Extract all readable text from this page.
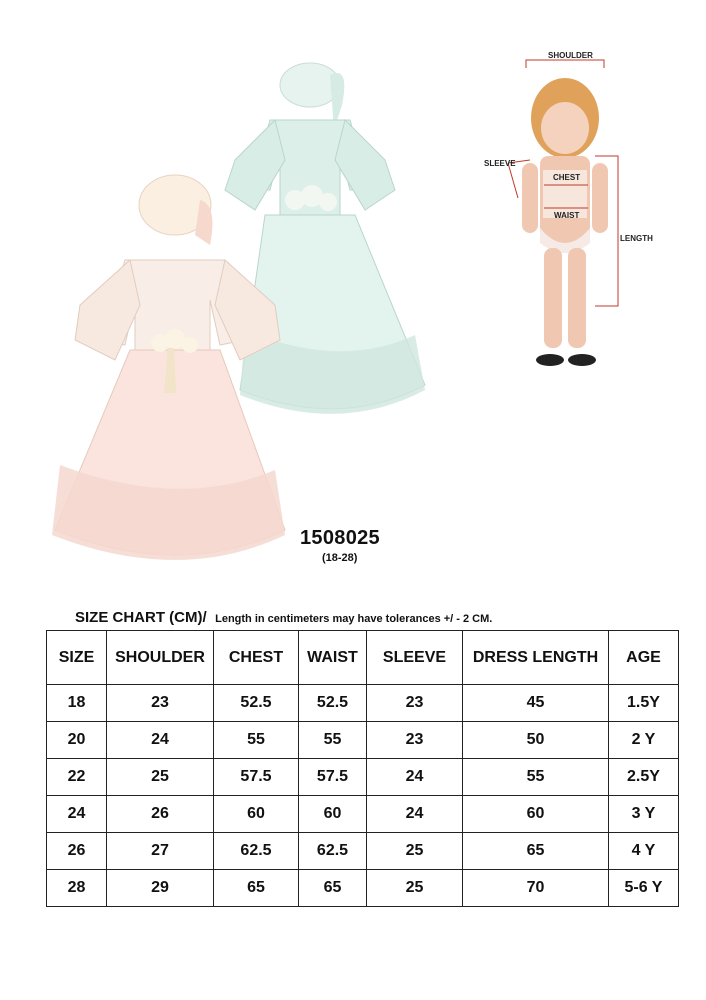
SHOULDER
SLEEVE
CHEST
WAIST
LENGTH
1508025
(18-28)
SIZE CHART (CM)/ Length in centimeters may have tolerances +/ - 2 CM.
SIZE	SHOULDER	CHEST	WAIST	SLEEVE	DRESS LENGTH	AGE
18	23	52.5	52.5	23	45	1.5Y
20	24	55	55	23	50	2 Y
22	25	57.5	57.5	24	55	2.5Y
24	26	60	60	24	60	3 Y
26	27	62.5	62.5	25	65	4 Y
28	29	65	65	25	70	5-6 Y
